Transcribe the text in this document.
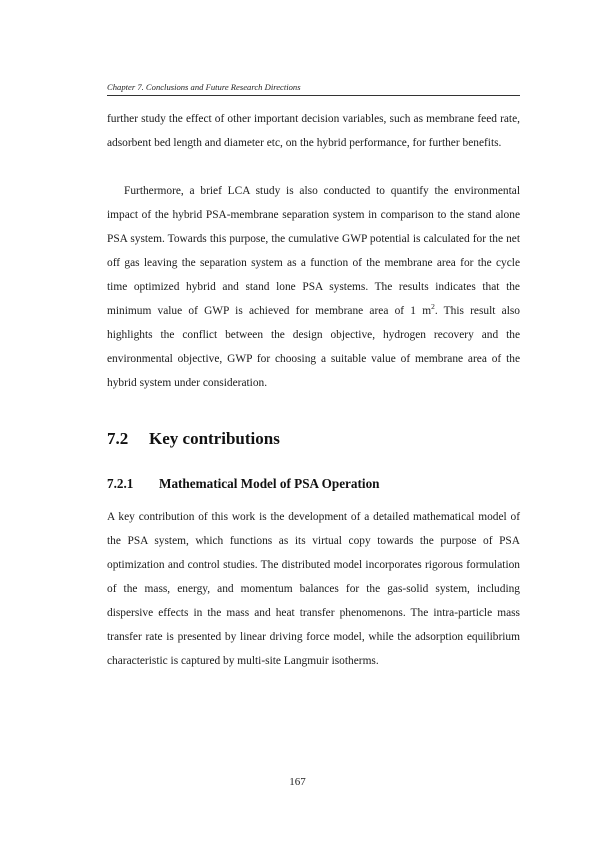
Chapter 7. Conclusions and Future Research Directions

further study the effect of other important decision variables, such as membrane feed rate, adsorbent bed length and diameter etc, on the hybrid performance, for further benefits.

Furthermore, a brief LCA study is also conducted to quantify the environmental impact of the hybrid PSA-membrane separation system in comparison to the stand alone PSA system. Towards this purpose, the cumulative GWP potential is calculated for the net off gas leaving the separation system as a function of the membrane area for the cycle time optimized hybrid and stand lone PSA systems. The results indicates that the minimum value of GWP is achieved for membrane area of 1 $m^2$. This result also highlights the conflict between the design objective, hydrogen recovery and the environmental objective, GWP for choosing a suitable value of membrane area of the hybrid system under consideration.

7.2 Key contributions
7.2.1 Mathematical Model of PSA Operation

A key contribution of this work is the development of a detailed mathematical model of the PSA system, which functions as its virtual copy towards the purpose of PSA optimization and control studies. The distributed model incorporates rigorous formulation of the mass, energy, and momentum balances for the gas-solid system, including dispersive effects in the mass and heat transfer phenomenons. The intra-particle mass transfer rate is presented by linear driving force model, while the adsorption equilibrium characteristic is captured by multi-site Langmuir isotherms.

167
